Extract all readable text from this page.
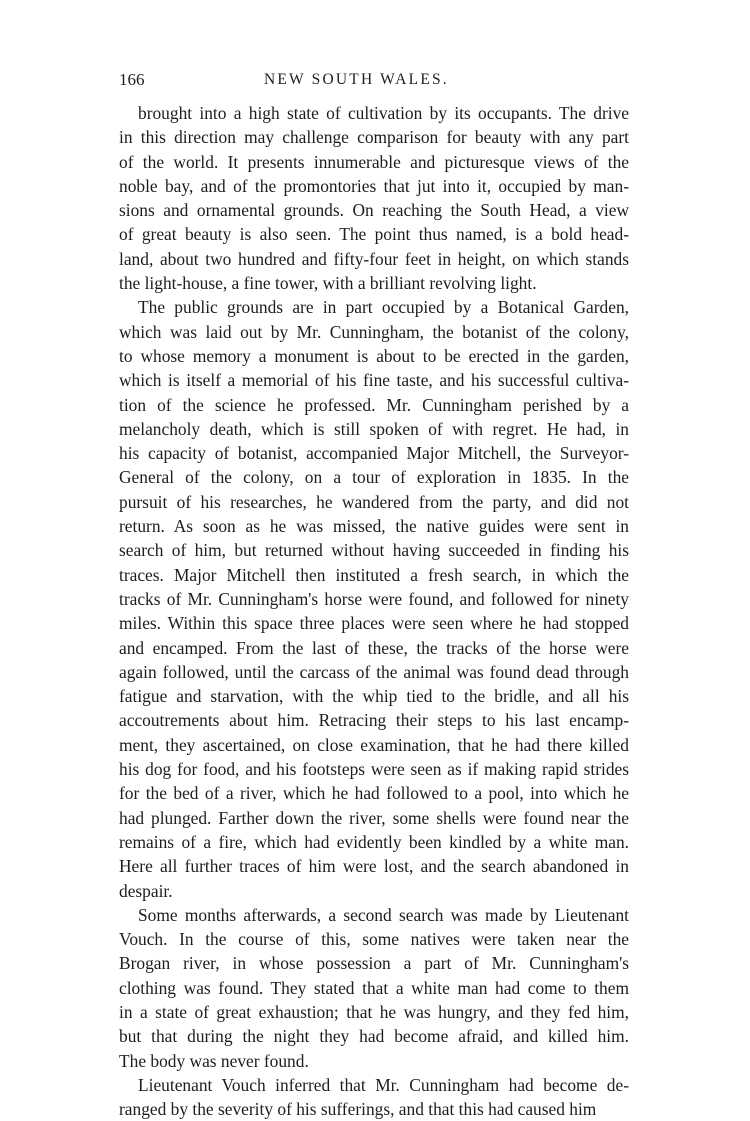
166	NEW SOUTH WALES.
brought into a high state of cultivation by its occupants. The drive
in this direction may challenge comparison for beauty with any part
of the world. It presents innumerable and picturesque views of the
noble bay, and of the promontories that jut into it, occupied by man-
sions and ornamental grounds. On reaching the South Head, a view
of great beauty is also seen. The point thus named, is a bold head-
land, about two hundred and fifty-four feet in height, on which stands
the light-house, a fine tower, with a brilliant revolving light.
The public grounds are in part occupied by a Botanical Garden,
which was laid out by Mr. Cunningham, the botanist of the colony,
to whose memory a monument is about to be erected in the garden,
which is itself a memorial of his fine taste, and his successful cultiva-
tion of the science he professed. Mr. Cunningham perished by a
melancholy death, which is still spoken of with regret. He had, in
his capacity of botanist, accompanied Major Mitchell, the Surveyor-
General of the colony, on a tour of exploration in 1835. In the
pursuit of his researches, he wandered from the party, and did not
return. As soon as he was missed, the native guides were sent in
search of him, but returned without having succeeded in finding his
traces. Major Mitchell then instituted a fresh search, in which the
tracks of Mr. Cunningham's horse were found, and followed for ninety
miles. Within this space three places were seen where he had stopped
and encamped. From the last of these, the tracks of the horse were
again followed, until the carcass of the animal was found dead through
fatigue and starvation, with the whip tied to the bridle, and all his
accoutrements about him. Retracing their steps to his last encamp-
ment, they ascertained, on close examination, that he had there killed
his dog for food, and his footsteps were seen as if making rapid strides
for the bed of a river, which he had followed to a pool, into which he
had plunged. Farther down the river, some shells were found near the
remains of a fire, which had evidently been kindled by a white man.
Here all further traces of him were lost, and the search abandoned in
despair.
Some months afterwards, a second search was made by Lieutenant
Vouch. In the course of this, some natives were taken near the
Brogan river, in whose possession a part of Mr. Cunningham's
clothing was found. They stated that a white man had come to them
in a state of great exhaustion; that he was hungry, and they fed him,
but that during the night they had become afraid, and killed him.
The body was never found.
Lieutenant Vouch inferred that Mr. Cunningham had become de-
ranged by the severity of his sufferings, and that this had caused him
